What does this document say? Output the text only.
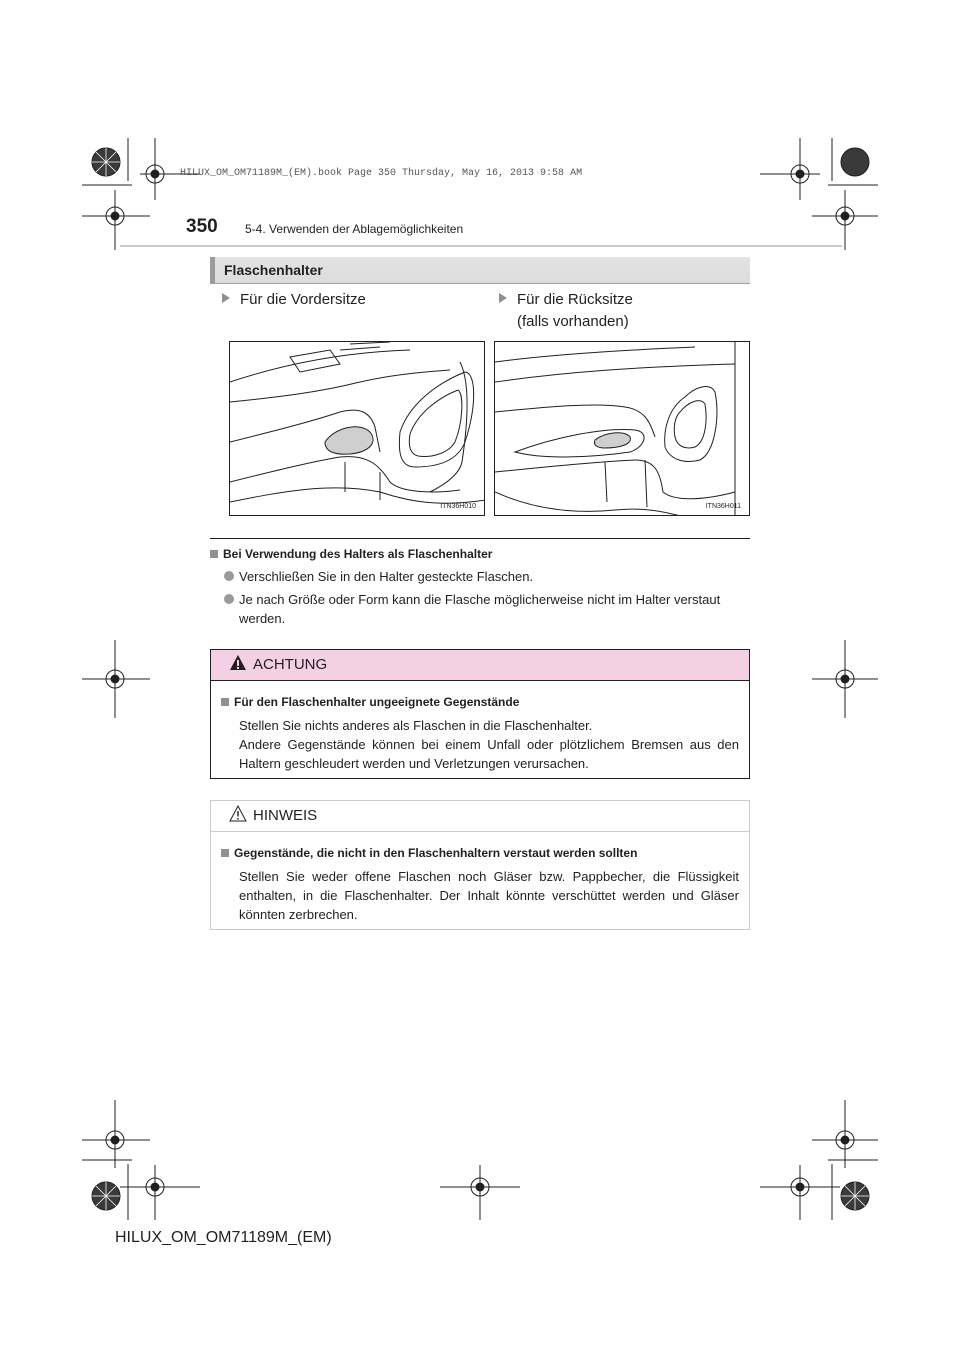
HILUX_OM_OM71189M_(EM).book Page 350 Thursday, May 16, 2013 9:58 AM
350 5-4. Verwenden der Ablagemöglichkeiten
Flaschenhalter
Für die Vordersitze	Für die Rücksitze
(falls vorhanden)
ITN36H010	ITN36H011
Bei Verwendung des Halters als Flaschenhalter
Verschließen Sie in den Halter gesteckte Flaschen.
Je nach Größe oder Form kann die Flasche möglicherweise nicht im Halter verstaut werden.
ACHTUNG
Für den Flaschenhalter ungeeignete Gegenstände
Stellen Sie nichts anderes als Flaschen in die Flaschenhalter.
Andere Gegenstände können bei einem Unfall oder plötzlichem Bremsen aus den Haltern geschleudert werden und Verletzungen verursachen.
HINWEIS
Gegenstände, die nicht in den Flaschenhaltern verstaut werden sollten
Stellen Sie weder offene Flaschen noch Gläser bzw. Pappbecher, die Flüssigkeit enthalten, in die Flaschenhalter. Der Inhalt könnte verschüttet werden und Gläser könnten zerbrechen.
HILUX_OM_OM71189M_(EM)
